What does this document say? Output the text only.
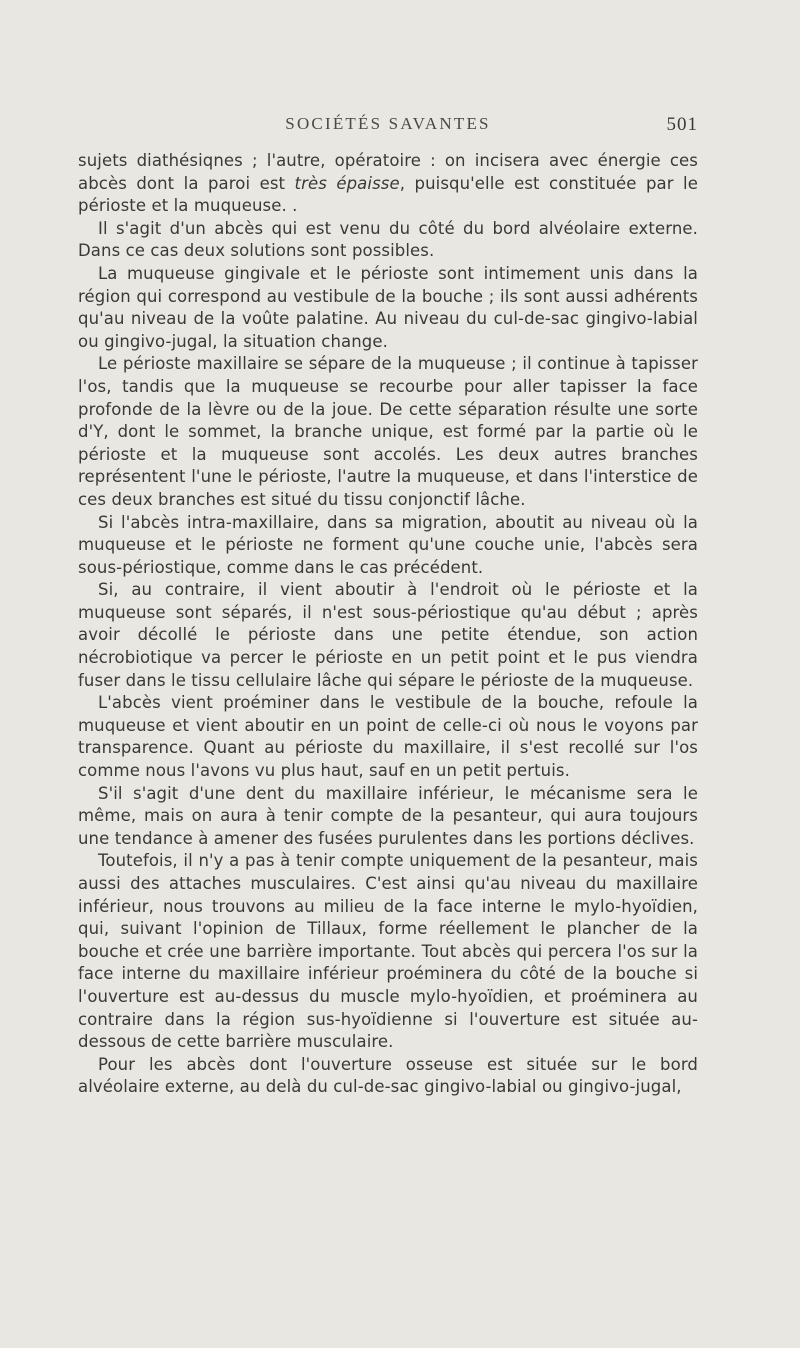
SOCIÉTÉS SAVANTES	501

sujets diathésiqnes ; l'autre, opératoire : on incisera avec énergie ces abcès dont la paroi est très épaisse, puisqu'elle est constituée par le périoste et la muqueuse. .

Il s'agit d'un abcès qui est venu du côté du bord alvéolaire externe. Dans ce cas deux solutions sont possibles.

La muqueuse gingivale et le périoste sont intimement unis dans la région qui correspond au vestibule de la bouche ; ils sont aussi adhérents qu'au niveau de la voûte palatine. Au niveau du cul-de-sac gingivo-labial ou gingivo-jugal, la situation change.

Le périoste maxillaire se sépare de la muqueuse ; il continue à tapisser l'os, tandis que la muqueuse se recourbe pour aller tapisser la face profonde de la lèvre ou de la joue. De cette séparation résulte une sorte d'Y, dont le sommet, la branche unique, est formé par la partie où le périoste et la muqueuse sont accolés. Les deux autres branches représentent l'une le périoste, l'autre la muqueuse, et dans l'interstice de ces deux branches est situé du tissu conjonctif lâche.

Si l'abcès intra-maxillaire, dans sa migration, aboutit au niveau où la muqueuse et le périoste ne forment qu'une couche unie, l'abcès sera sous-périostique, comme dans le cas précédent.

Si, au contraire, il vient aboutir à l'endroit où le périoste et la muqueuse sont séparés, il n'est sous-périostique qu'au début ; après avoir décollé le périoste dans une petite étendue, son action nécrobiotique va percer le périoste en un petit point et le pus viendra fuser dans le tissu cellulaire lâche qui sépare le périoste de la muqueuse.

L'abcès vient proéminer dans le vestibule de la bouche, refoule la muqueuse et vient aboutir en un point de celle-ci où nous le voyons par transparence. Quant au périoste du maxillaire, il s'est recollé sur l'os comme nous l'avons vu plus haut, sauf en un petit pertuis.

S'il s'agit d'une dent du maxillaire inférieur, le mécanisme sera le même, mais on aura à tenir compte de la pesanteur, qui aura toujours une tendance à amener des fusées purulentes dans les portions déclives.

Toutefois, il n'y a pas à tenir compte uniquement de la pesanteur, mais aussi des attaches musculaires. C'est ainsi qu'au niveau du maxillaire inférieur, nous trouvons au milieu de la face interne le mylo-hyoïdien, qui, suivant l'opinion de Tillaux, forme réellement le plancher de la bouche et crée une barrière importante. Tout abcès qui percera l'os sur la face interne du maxillaire inférieur proéminera du côté de la bouche si l'ouverture est au-dessus du muscle mylo-hyoïdien, et proéminera au contraire dans la région sus-hyoïdienne si l'ouverture est située au-dessous de cette barrière musculaire.

Pour les abcès dont l'ouverture osseuse est située sur le bord alvéolaire externe, au delà du cul-de-sac gingivo-labial ou gingivo-jugal,
